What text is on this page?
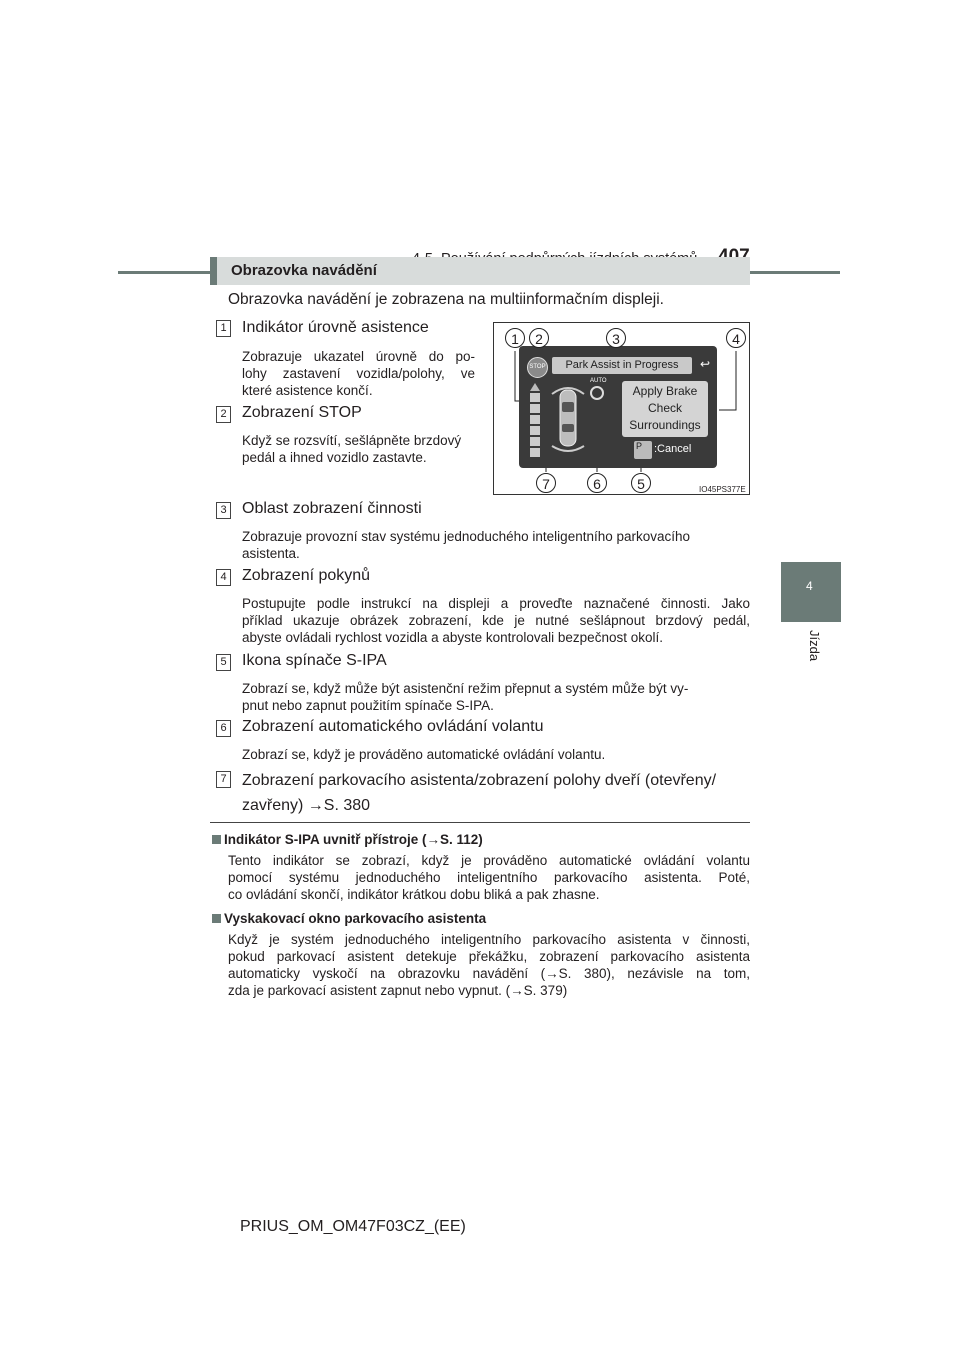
4
Jízda
Obrazovka navádění
Obrazovka navádění je zobrazena na multiinformačním displeji.
STOP	Park Assist in Progress	↩
AUTO
Apply Brake
Check
Surroundings
P	:Cancel
1	2	3	4
7	6	5	IO45PS377E
1 Indikátor úrovně asistence
Zobrazuje ukazatel úrovně do po-
lohy zastavení vozidla/polohy, ve
které asistence končí.
2 Zobrazení STOP
Když se rozsvítí, sešlápněte brzdový
pedál a ihned vozidlo zastavte.
3 Oblast zobrazení činnosti
Zobrazuje provozní stav systému jednoduchého inteligentního parkovacího
asistenta.
4 Zobrazení pokynů
Postupujte podle instrukcí na displeji a proveďte naznačené činnosti. Jako
příklad ukazuje obrázek zobrazení, kde je nutné sešlápnout brzdový pedál,
abyste ovládali rychlost vozidla a abyste kontrolovali bezpečnost okolí.
5 Ikona spínače S-IPA
Zobrazí se, když může být asistenční režim přepnut a systém může být vy-
pnut nebo zapnut použitím spínače S-IPA.
6 Zobrazení automatického ovládání volantu
Zobrazí se, když je prováděno automatické ovládání volantu.
7 Zobrazení parkovacího asistenta/zobrazení polohy dveří (otevřeny/
zavřeny) →S. 380
Indikátor S-IPA uvnitř přístroje (→S. 112)
Tento indikátor se zobrazí, když je prováděno automatické ovládání volantu
pomocí systému jednoduchého inteligentního parkovacího asistenta. Poté,
co ovládání skončí, indikátor krátkou dobu bliká a pak zhasne.
Vyskakovací okno parkovacího asistenta
Když je systém jednoduchého inteligentního parkovacího asistenta v činnosti,
pokud parkovací asistent detekuje překážku, zobrazení parkovacího asistenta
automaticky vyskočí na obrazovku navádění (→S. 380), nezávisle na tom,
zda je parkovací asistent zapnut nebo vypnut. (→S. 379)
PRIUS_OM_OM47F03CZ_(EE)
